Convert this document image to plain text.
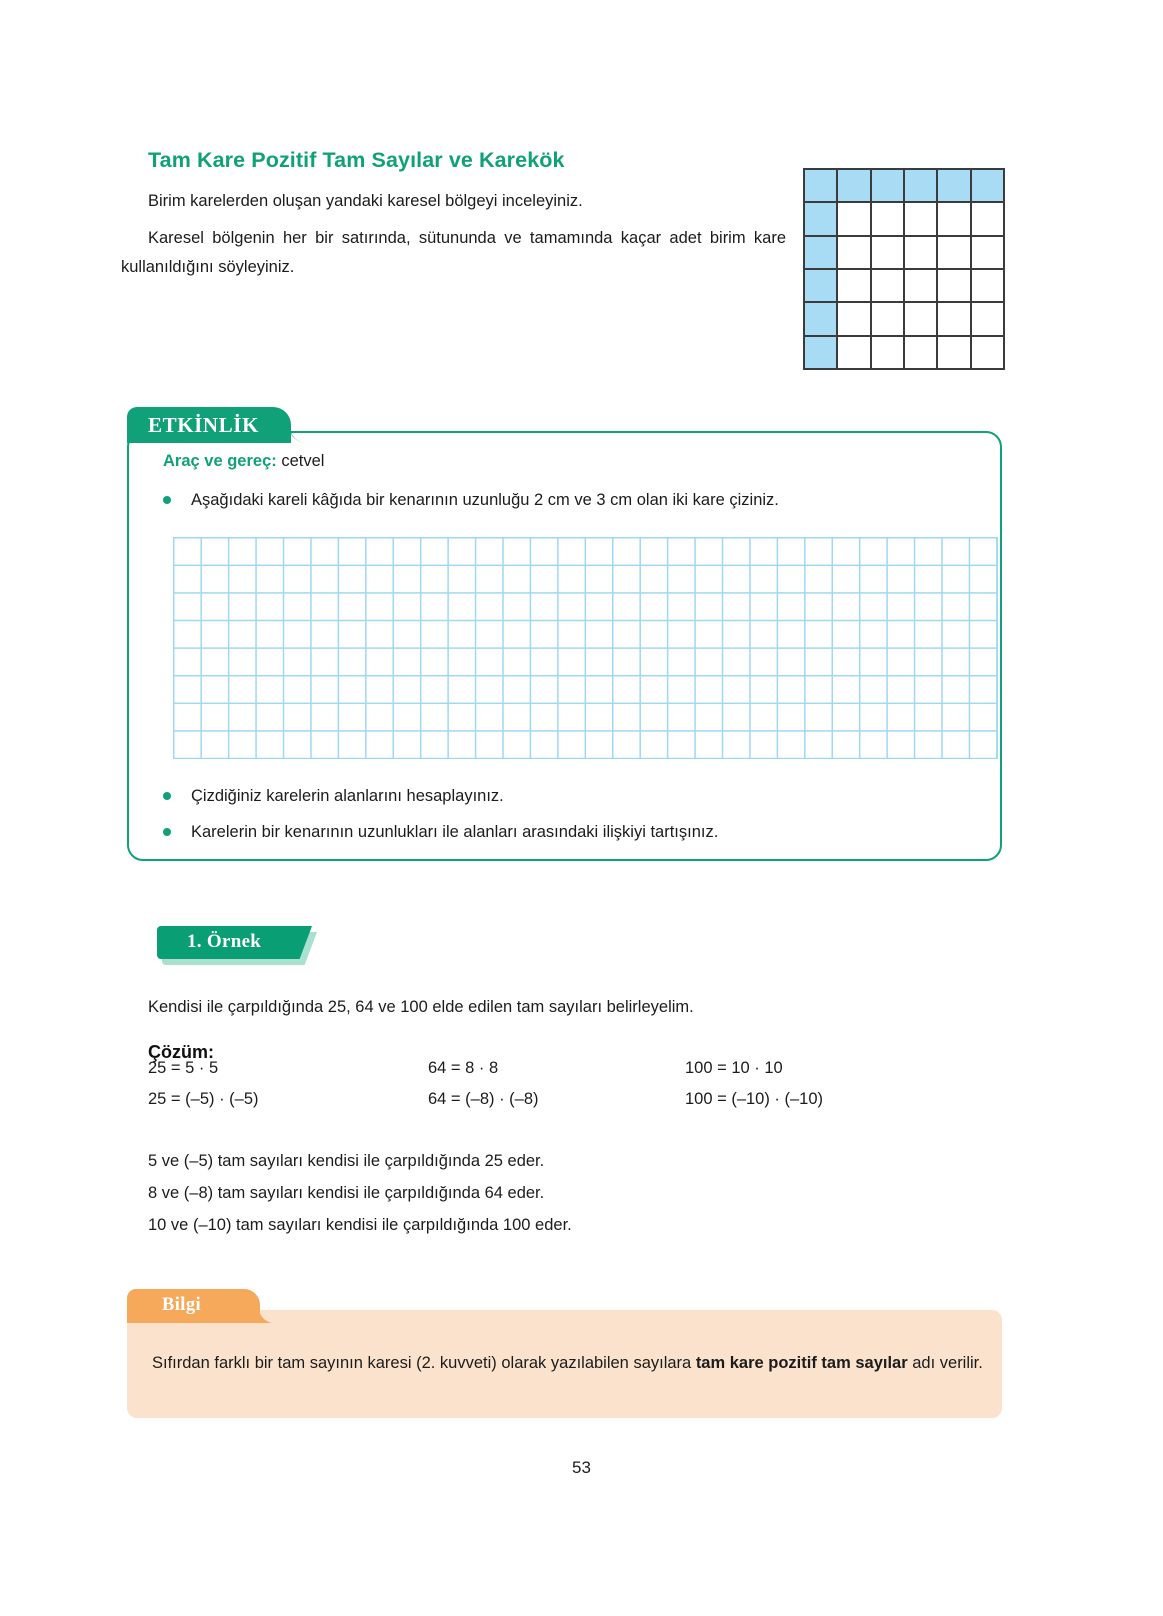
Tam Kare Pozitif Tam Sayılar ve Karekök

Birim karelerden oluşan yandaki karesel bölgeyi inceleyiniz.

Karesel bölgenin her bir satırında, sütununda ve tamamında kaçar adet birim kare kullanıldığını söyleyiniz.

ETKİNLİK
Araç ve gereç: cetvel
Aşağıdaki kareli kâğıda bir kenarının uzunluğu 2 cm ve 3 cm olan iki kare çiziniz.
Çizdiğiniz karelerin alanlarını hesaplayınız.
Karelerin bir kenarının uzunlukları ile alanları arasındaki ilişkiyi tartışınız.
1. Örnek

Kendisi ile çarpıldığında 25, 64 ve 100 elde edilen tam sayıları belirleyelim.

Çözüm:

25 = 5 · 5	64 = 8 · 8	100 = 10 · 10
25 = (–5) · (–5)	64 = (–8) · (–8)	100 = (–10) · (–10)

5 ve (–5) tam sayıları kendisi ile çarpıldığında 25 eder.

8 ve (–8) tam sayıları kendisi ile çarpıldığında 64 eder.

10 ve (–10) tam sayıları kendisi ile çarpıldığında 100 eder.

Bilgi

Sıfırdan farklı bir tam sayının karesi (2. kuvveti) olarak yazılabilen sayılara tam kare pozitif tam sayılar adı verilir.

53
